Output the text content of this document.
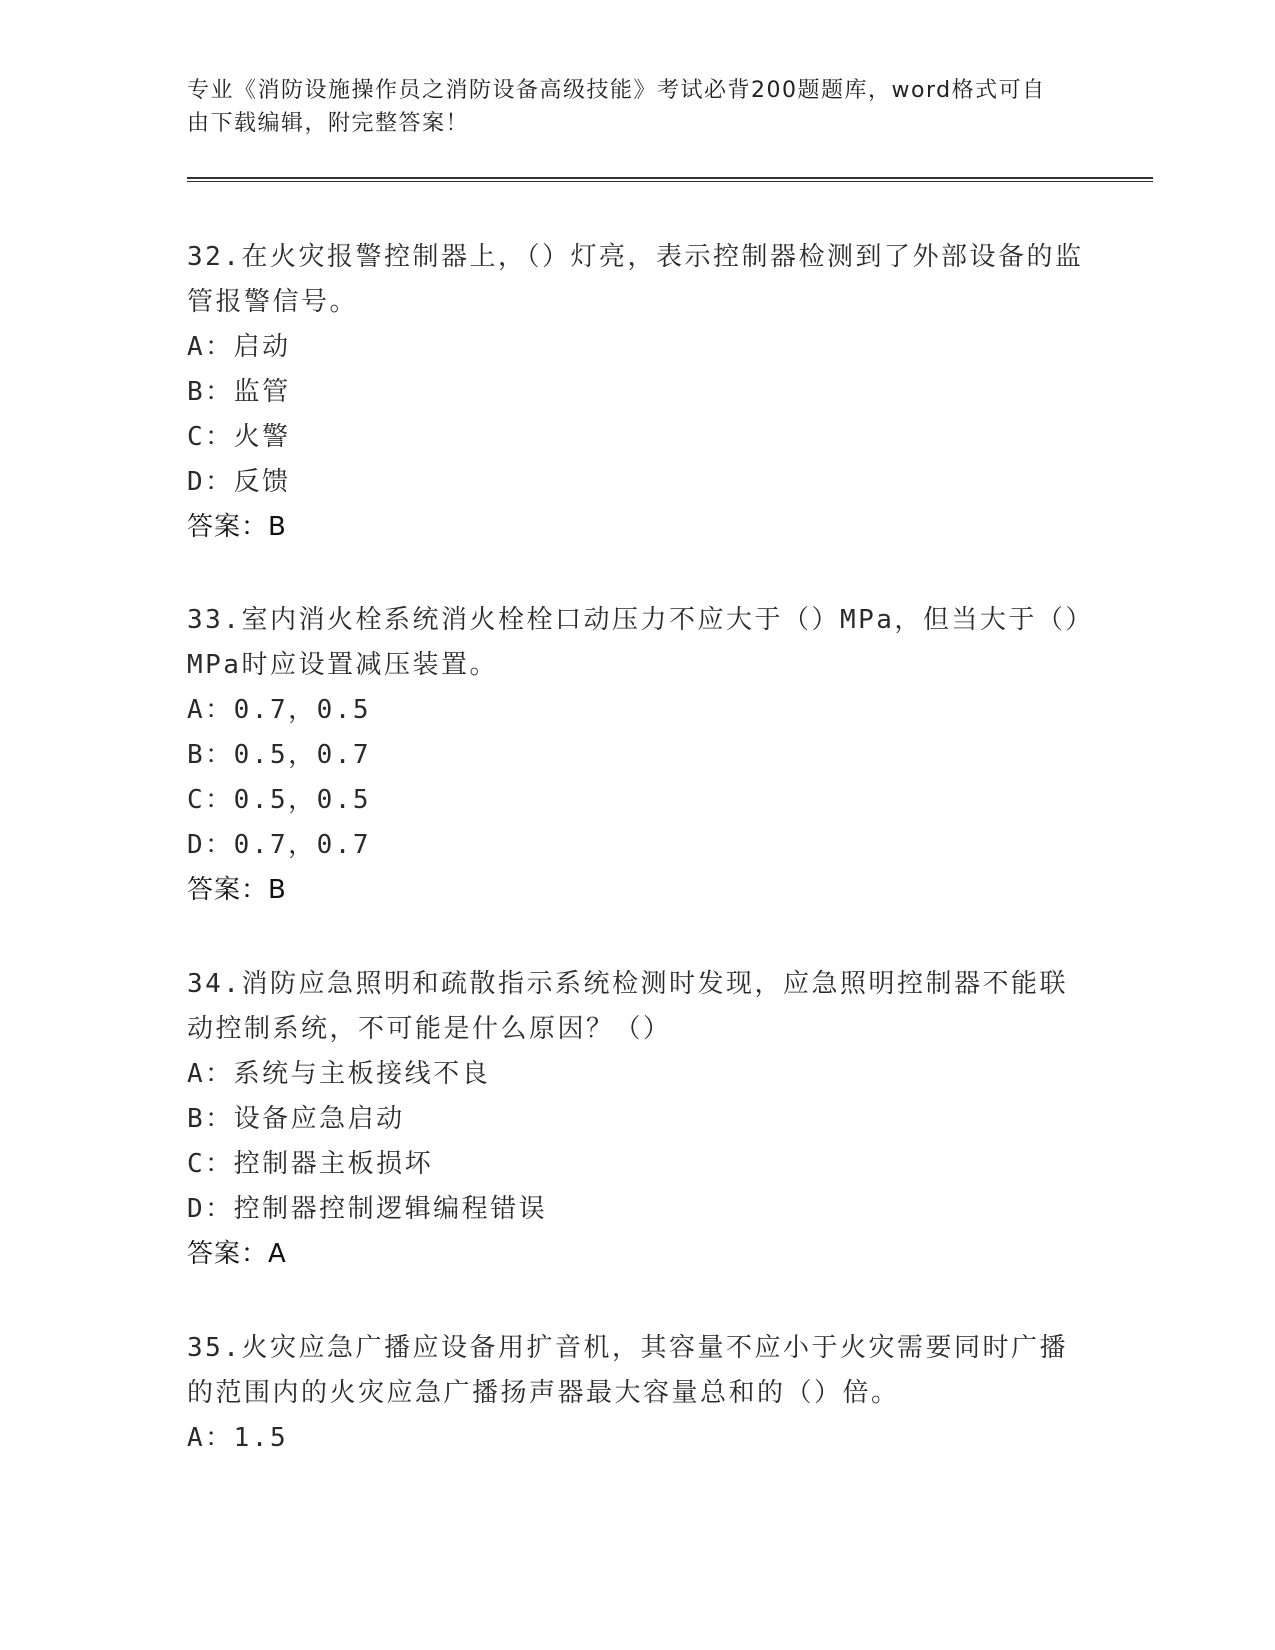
专业《消防设施操作员之消防设备高级技能》考试必背200题题库，word格式可自由下载编辑，附完整答案！

32.在火灾报警控制器上，（）灯亮，表示控制器检测到了外部设备的监管报警信号。

A：启动

B：监管

C：火警

D：反馈

答案：B

33.室内消火栓系统消火栓栓口动压力不应大于（）MPa，但当大于（）MPa时应设置减压装置。

A：0.7，0.5

B：0.5，0.7

C：0.5，0.5

D：0.7，0.7

答案：B

34.消防应急照明和疏散指示系统检测时发现，应急照明控制器不能联动控制系统，不可能是什么原因？（）

A：系统与主板接线不良

B：设备应急启动

C：控制器主板损坏

D：控制器控制逻辑编程错误

答案：A

35.火灾应急广播应设备用扩音机，其容量不应小于火灾需要同时广播的范围内的火灾应急广播扬声器最大容量总和的（）倍。

A：1.5
